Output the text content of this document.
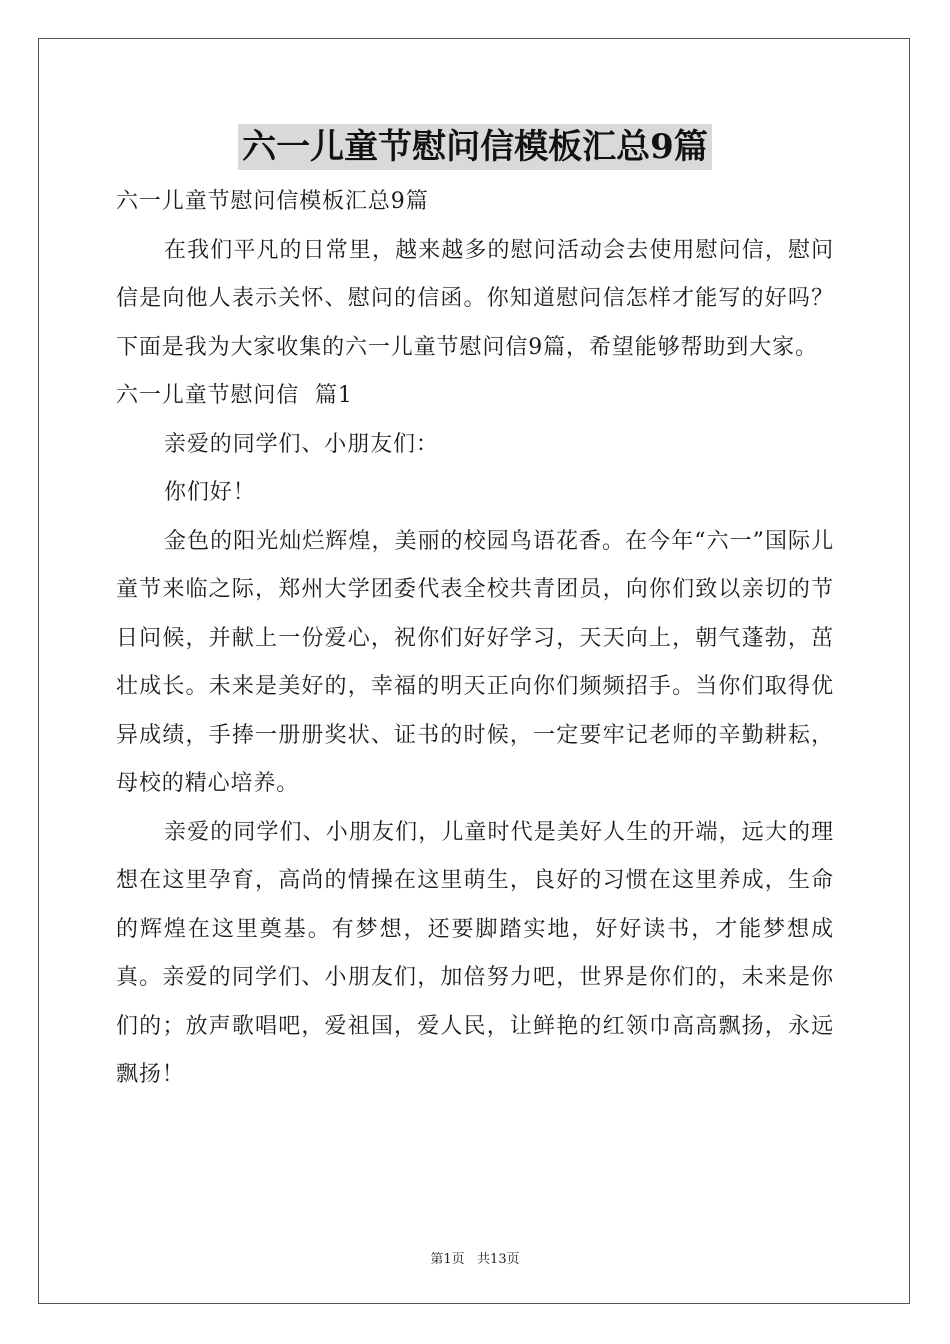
六一儿童节慰问信模板汇总9篇
六一儿童节慰问信模板汇总9篇

在我们平凡的日常里，越来越多的慰问活动会去使用慰问信，慰问信是向他人表示关怀、慰问的信函。你知道慰问信怎样才能写的好吗？下面是我为大家收集的六一儿童节慰问信9篇，希望能够帮助到大家。

六一儿童节慰问信  篇1

亲爱的同学们、小朋友们：

你们好！

金色的阳光灿烂辉煌，美丽的校园鸟语花香。在今年“六一”国际儿童节来临之际，郑州大学团委代表全校共青团员，向你们致以亲切的节日问候，并献上一份爱心，祝你们好好学习，天天向上，朝气蓬勃，茁壮成长。未来是美好的，幸福的明天正向你们频频招手。当你们取得优异成绩，手捧一册册奖状、证书的时候，一定要牢记老师的辛勤耕耘，母校的精心培养。

亲爱的同学们、小朋友们，儿童时代是美好人生的开端，远大的理想在这里孕育，高尚的情操在这里萌生，良好的习惯在这里养成，生命的辉煌在这里奠基。有梦想，还要脚踏实地，好好读书，才能梦想成真。亲爱的同学们、小朋友们，加倍努力吧，世界是你们的，未来是你们的；放声歌唱吧，爱祖国，爱人民，让鲜艳的红领巾高高飘扬，永远飘扬！

第1页   共13页
